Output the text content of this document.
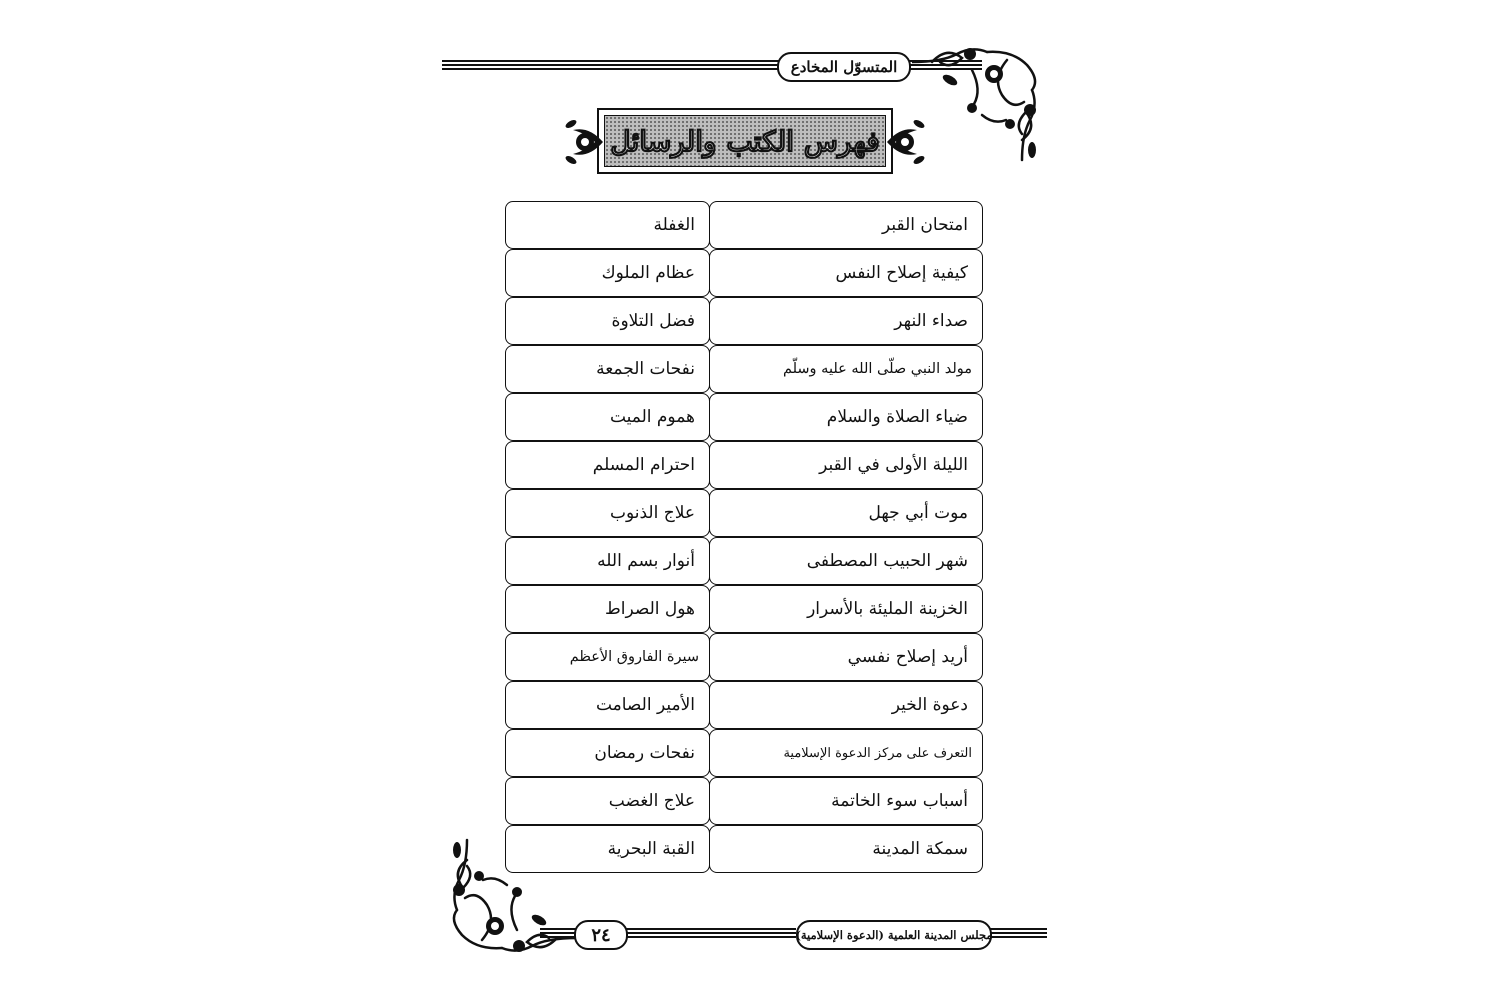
المتسوّل المخادع
فهرس الكتب والرسائل
امتحان القبر
الغفلة
كيفية إصلاح النفس
عظام الملوك
صداء النهر
فضل التلاوة
مولد النبي صلّى الله عليه وسلّم
نفحات الجمعة
ضياء الصلاة والسلام
هموم الميت
الليلة الأولى في القبر
احترام المسلم
موت أبي جهل
علاج الذنوب
شهر الحبيب المصطفى
أنوار بسم الله
الخزينة المليئة بالأسرار
هول الصراط
أريد إصلاح نفسي
سيرة الفاروق الأعظم
دعوة الخير
الأمير الصامت
التعرف على مركز الدعوة الإسلامية
نفحات رمضان
أسباب سوء الخاتمة
علاج الغضب
سمكة المدينة
القبة البحرية
٢٤	مجلس المدينة العلمية (الدعوة الإسلامية)
